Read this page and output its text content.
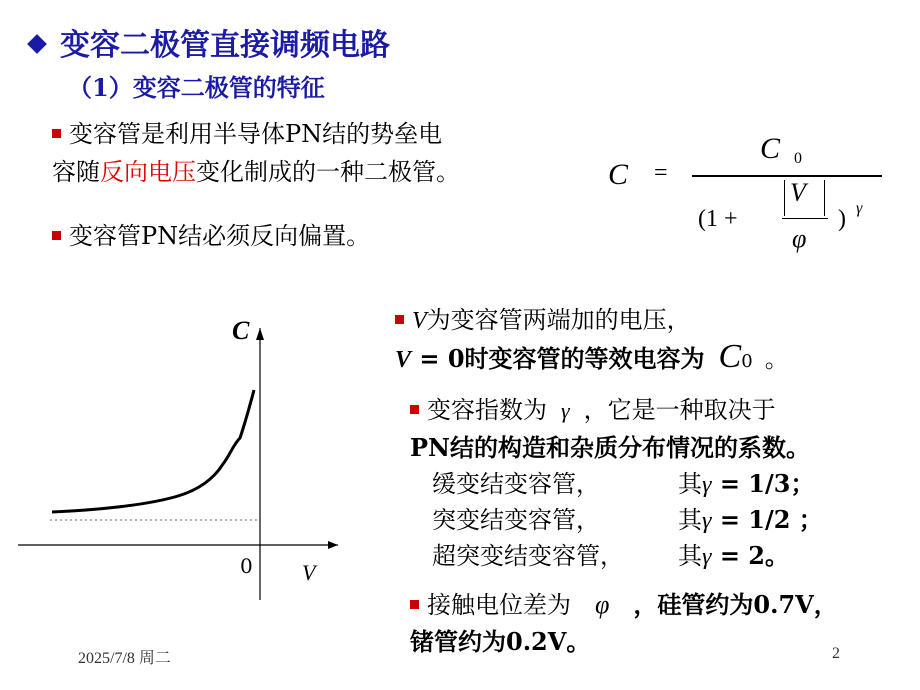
变容二极管直接调频电路
（1）变容二极管的特征
变容管是利用半导体PN结的势垒电
容随反向电压变化制成的一种二极管。
变容管PN结必须反向偏置。
C =
C 0
(1 +
V
φ
) γ
C
V
0
V为变容管两端加的电压，
V = 0时变容管的等效电容为 C0 。
变容指数为 γ ，它是一种取决于
PN结的构造和杂质分布情况的系数。
缓变结变容管，	其γ = 1/3；
突变结变容管，	其γ = 1/2 ；
超突变结变容管， 其γ = 2。
接触电位差为 φ ，硅管约为0.7V，
锗管约为0.2V。
2025/7/8 周二	2
